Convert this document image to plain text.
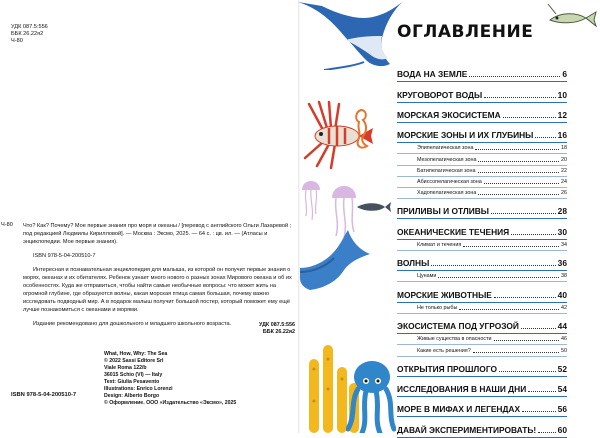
УДК 087.5:556
ББК 26.22я2
Ч-80
Ч-80 Что? Как? Почему? Мое первые знания про моря и океаны / [перевод с английского Ольги Лазаревой ; под редакцией Людмилы Кирилловой]. — Москва : Эксмо, 2025. — 64 с. : цв. ил. — (Атласы и энциклопедии. Мое первые знания).

ISBN 978-5-04-200510-7

Интересная и познавательная энциклопедия для малыша, из которой он получит первые знания о морях, океанах и их обитателях. Ребенок узнает много нового о разных зонах Мирового океана и об их особенностях. Куда же отправиться, чтобы найти самые необычные вопросы: что может жить на огромной глубине, где образуются волны, какая морская птица самая большая, почему важно исследовать подводный мир. А в подарок малыш получит большой постер, который поможет ему ещё лучше познакомиться с океанами и морями.

Издание рекомендовано для дошкольного и младшего школьного возраста.	УДК 087.5:556
ББК 26.22я2
What, How, Why: The Sea
© 2022 Sassi Editore Srl
Viale Roma 122/b
36015 Schio (VI) — Italy
Text: Giulia Pesavento
Illustrations: Enrico Lorenzi
Design: Alberto Borgo
© Оформление. ООО «Издательство «Эксмо», 2025
ISBN 978-5-04-200510-7
ОГЛАВЛЕНИЕ
ВОДА НА ЗЕМЛЕ	6
КРУГОВОРОТ ВОДЫ	10
МОРСКАЯ ЭКОСИСТЕМА	12
МОРСКИЕ ЗОНЫ И ИХ ГЛУБИНЫ	16
Эпипелагическая зона	18
Мезопелагическая зона	20
Батипелагическая зона	22
Абиссопелагическая зона	24
Хадопелагическая зона	26
ПРИЛИВЫ И ОТЛИВЫ	28
ОКЕАНИЧЕСКИЕ ТЕЧЕНИЯ	30
Климат и течения	34
ВОЛНЫ	36
Цунами	38
МОРСКИЕ ЖИВОТНЫЕ	40
Не только рыбы	42
ЭКОСИСТЕМА ПОД УГРОЗОЙ	44
Живые существа в опасности	46
Какие есть решения?	50
ОТКРЫТИЯ ПРОШЛОГО	52
ИССЛЕДОВАНИЯ В НАШИ ДНИ	54
МОРЕ В МИФАХ И ЛЕГЕНДАХ	56
ДАВАЙ ЭКСПЕРИМЕНТИРОВАТЬ!	60
